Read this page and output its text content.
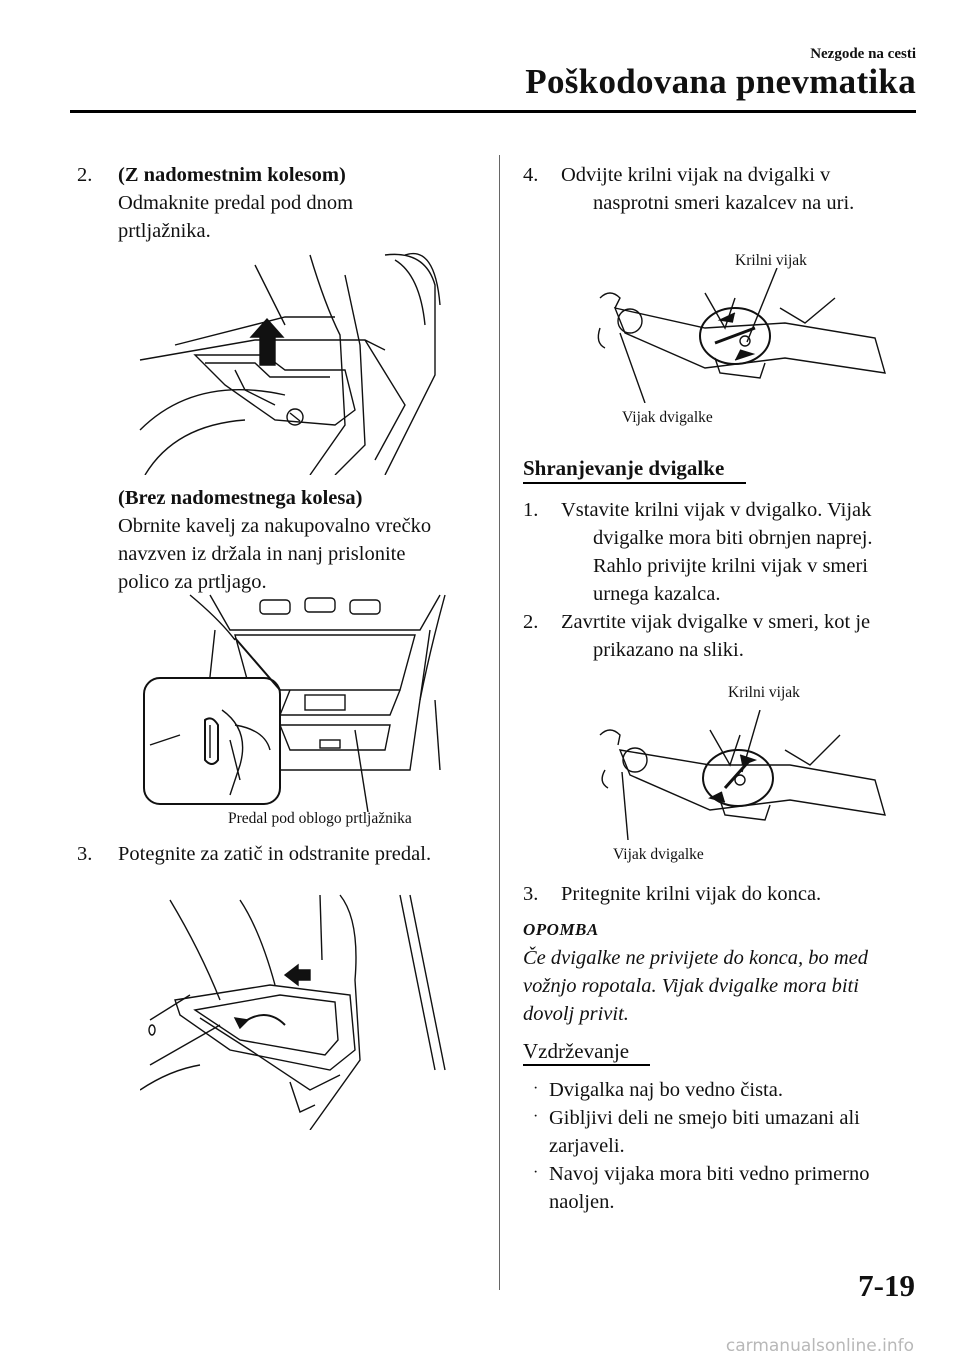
Nezgode na cesti
Poškodovana pnevmatika
2. (Z nadomestnim kolesom)
Odmaknite predal pod dnom
prtljažnika.
(Brez nadomestnega kolesa)
Obrnite kavelj za nakupovalno vrečko
navzven iz držala in nanj prislonite
polico za prtljago.
Predal pod oblogo prtljažnika
3. Potegnite za zatič in odstranite predal.
4. Odvijte krilni vijak na dvigalki v
nasprotni smeri kazalcev na uri.
Krilni vijak
Vijak dvigalke
Shranjevanje dvigalke
1. Vstavite krilni vijak v dvigalko. Vijak
dvigalke mora biti obrnjen naprej.
Rahlo privijte krilni vijak v smeri
urnega kazalca.
2. Zavrtite vijak dvigalke v smeri, kot je
prikazano na sliki.
Krilni vijak
Vijak dvigalke
3. Pritegnite krilni vijak do konca.
OPOMBA
Če dvigalke ne privijete do konca, bo med
vožnjo ropotala. Vijak dvigalke mora biti
dovolj privit.
Vzdrževanje
· Dvigalka naj bo vedno čista.
· Gibljivi deli ne smejo biti umazani ali
zarjaveli.
· Navoj vijaka mora biti vedno primerno
naoljen.
7-19
carmanualsonline.info
